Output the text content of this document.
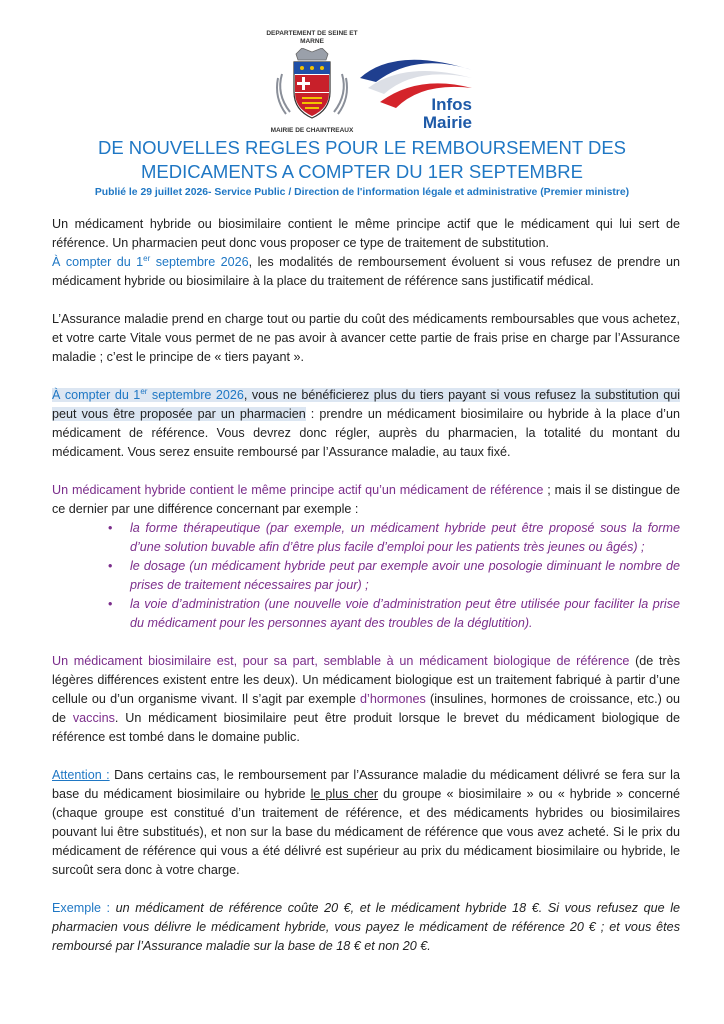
DEPARTEMENT DE SEINE ET MARNE
MAIRIE DE CHAINTREAUX
Infos
Mairie
DE NOUVELLES REGLES POUR LE REMBOURSEMENT DES
MEDICAMENTS A COMPTER DU 1ER SEPTEMBRE
Publié le 29 juillet 2026- Service Public / Direction de l'information légale et administrative (Premier ministre)

Un médicament hybride ou biosimilaire contient le même principe actif que le médicament qui lui sert de référence. Un pharmacien peut donc vous proposer ce type de traitement de substitution.

À compter du 1er septembre 2026, les modalités de remboursement évoluent si vous refusez de prendre un médicament hybride ou biosimilaire à la place du traitement de référence sans justificatif médical.

L’Assurance maladie prend en charge tout ou partie du coût des médicaments remboursables que vous achetez, et votre carte Vitale vous permet de ne pas avoir à avancer cette partie de frais prise en charge par l’Assurance maladie ; c’est le principe de « tiers payant ».

À compter du 1er septembre 2026, vous ne bénéficierez plus du tiers payant si vous refusez la substitution qui peut vous être proposée par un pharmacien : prendre un médicament biosimilaire ou hybride à la place d’un médicament de référence. Vous devrez donc régler, auprès du pharmacien, la totalité du montant du médicament. Vous serez ensuite remboursé par l’Assurance maladie, au taux fixé.

Un médicament hybride contient le même principe actif qu’un médicament de référence ; mais il se distingue de ce dernier par une différence concernant par exemple :

• la forme thérapeutique (par exemple, un médicament hybride peut être proposé sous la forme d’une solution buvable afin d’être plus facile d’emploi pour les patients très jeunes ou âgés) ;
• le dosage (un médicament hybride peut par exemple avoir une posologie diminuant le nombre de prises de traitement nécessaires par jour) ;
• la voie d’administration (une nouvelle voie d’administration peut être utilisée pour faciliter la prise du médicament pour les personnes ayant des troubles de la déglutition).

Un médicament biosimilaire est, pour sa part, semblable à un médicament biologique de référence (de très légères différences existent entre les deux). Un médicament biologique est un traitement fabriqué à partir d’une cellule ou d’un organisme vivant. Il s’agit par exemple d’hormones (insulines, hormones de croissance, etc.) ou de vaccins. Un médicament biosimilaire peut être produit lorsque le brevet du médicament biologique de référence est tombé dans le domaine public.

Attention : Dans certains cas, le remboursement par l’Assurance maladie du médicament délivré se fera sur la base du médicament biosimilaire ou hybride le plus cher du groupe « biosimilaire » ou « hybride » concerné (chaque groupe est constitué d’un traitement de référence, et des médicaments hybrides ou biosimilaires pouvant lui être substitués), et non sur la base du médicament de référence que vous avez acheté. Si le prix du médicament de référence qui vous a été délivré est supérieur au prix du médicament biosimilaire ou hybride, le surcoût sera donc à votre charge.

Exemple : un médicament de référence coûte 20 €, et le médicament hybride 18 €. Si vous refusez que le pharmacien vous délivre le médicament hybride, vous payez le médicament de référence 20 € ; et vous êtes remboursé par l’Assurance maladie sur la base de 18 € et non 20 €.
